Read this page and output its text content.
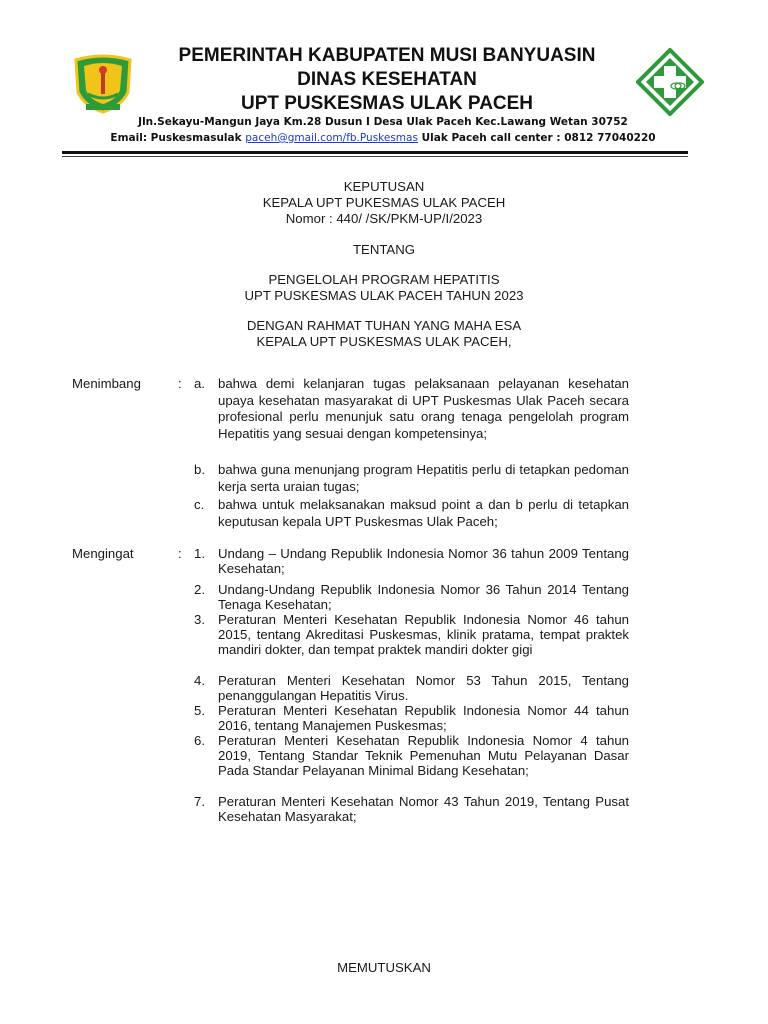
PEMERINTAH KABUPATEN MUSI BANYUASIN
DINAS KESEHATAN
UPT PUSKESMAS ULAK PACEH
Jln.Sekayu-Mangun Jaya Km.28 Dusun I Desa Ulak Paceh Kec.Lawang Wetan 30752
Email: Puskesmasulak paceh@gmail.com/fb.Puskesmas Ulak Paceh call center : 0812 77040220
KEPUTUSAN
KEPALA UPT PUKESMAS ULAK PACEH
Nomor : 440/ /SK/PKM-UP/I/2023
TENTANG
PENGELOLAH PROGRAM HEPATITIS
UPT PUSKESMAS ULAK PACEH TAHUN 2023
DENGAN RAHMAT TUHAN YANG MAHA ESA
KEPALA UPT PUSKESMAS ULAK PACEH,
Menimbang	: a. bahwa demi kelanjaran tugas pelaksanaan pelayanan kesehatan upaya kesehatan masyarakat di UPT Puskesmas Ulak Paceh secara profesional perlu menunjuk satu orang tenaga pengelolah program Hepatitis yang sesuai dengan kompetensinya;
b. bahwa guna menunjang program Hepatitis perlu di tetapkan pedoman kerja serta uraian tugas;
c.	bahwa untuk melaksanakan maksud point a dan b perlu di tetapkan keputusan kepala UPT Puskesmas Ulak Paceh;
Mengingat	: 1. Undang – Undang Republik Indonesia Nomor 36 tahun 2009 Tentang Kesehatan;
2. Undang-Undang Republik Indonesia Nomor 36 Tahun 2014 Tentang Tenaga Kesehatan;
3. Peraturan Menteri Kesehatan Republik Indonesia Nomor 46 tahun 2015, tentang Akreditasi Puskesmas, klinik pratama, tempat praktek mandiri dokter, dan tempat praktek mandiri dokter gigi
4. Peraturan Menteri Kesehatan Nomor 53 Tahun 2015, Tentang penanggulangan Hepatitis Virus.
5. Peraturan Menteri Kesehatan Republik Indonesia Nomor 44 tahun 2016, tentang Manajemen Puskesmas;
6. Peraturan Menteri Kesehatan Republik Indonesia Nomor 4 tahun 2019, Tentang Standar Teknik Pemenuhan Mutu Pelayanan Dasar Pada Standar Pelayanan Minimal Bidang Kesehatan;
7. Peraturan Menteri Kesehatan Nomor 43 Tahun 2019, Tentang Pusat Kesehatan Masyarakat;
MEMUTUSKAN
